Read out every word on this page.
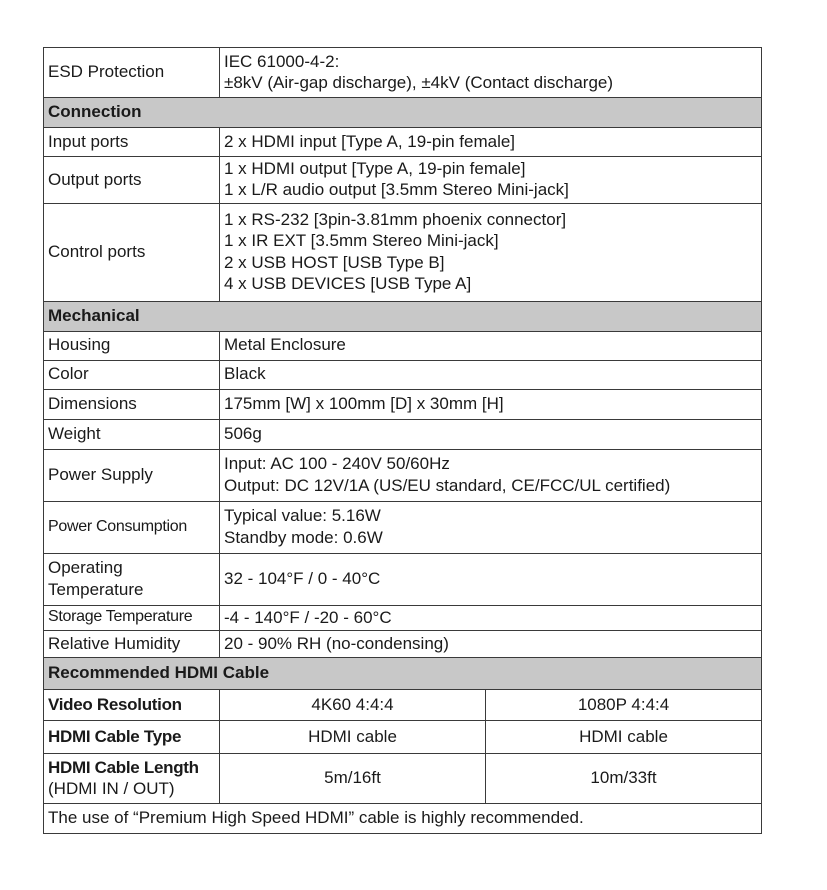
ESD Protection	IEC 61000-4-2:
±8kV (Air-gap discharge), ±4kV (Contact discharge)	

Connection		
Input ports	2 x HDMI input [Type A, 19-pin female]	

Output ports	1 x HDMI output [Type A, 19-pin female]
1 x L/R audio output [3.5mm Stereo Mini-jack]	

Control ports	1 x RS-232 [3pin-3.81mm phoenix connector]
1 x IR EXT [3.5mm Stereo Mini-jack]
2 x USB HOST [USB Type B]
4 x USB DEVICES [USB Type A]	

Mechanical		
Housing	Metal Enclosure	

Color	Black	

Dimensions	175mm [W] x 100mm [D] x 30mm [H]	

Weight	506g	

Power Supply	Input: AC 100 - 240V 50/60Hz
Output: DC 12V/1A (US/EU standard, CE/FCC/UL certified)	

Power Consumption	Typical value: 5.16W
Standby mode: 0.6W	

Operating
Temperature	32 - 104°F / 0 - 40°C	

Storage Temperature	-4 - 140°F / -20 - 60°C	

Relative Humidity	20 - 90% RH (no-condensing)	

Recommended HDMI Cable		
Video Resolution	4K60 4:4:4	1080P 4:4:4
HDMI Cable Type	HDMI cable	HDMI cable

HDMI Cable Length
(HDMI IN / OUT)	5m/16ft	10m/33ft
The use of “Premium High Speed HDMI” cable is highly recommended.		
